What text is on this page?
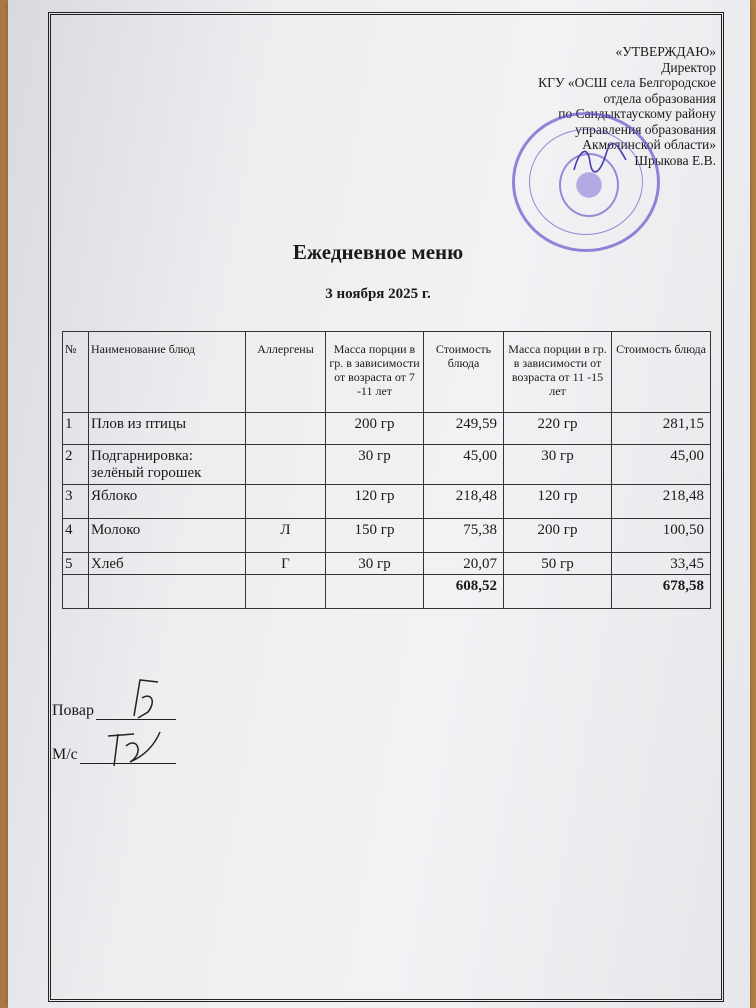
«УТВЕРЖДАЮ»
Директор
КГУ «ОСШ села Белгородское
отдела образования
по Сандыктаускому району
управления образования
Акмолинской области»
Шрыкова Е.В.
Ежедневное меню
3 ноября 2025 г.
№	Наименование блюд	Аллергены	Масса порции в гр. в зависимости от возраста от 7 -11 лет	Стоимость блюда	Масса порции в гр. в зависимости от возраста от 11 -15 лет	Стоимость блюда
1	Плов из птицы		200 гр	249,59	220 гр	281,15
2	Подгарнировка: зелёный горошек		30 гр	45,00	30 гр	45,00
3	Яблоко		120 гр	218,48	120 гр	218,48
4	Молоко	Л	150 гр	75,38	200 гр	100,50
5	Хлеб	Г	30 гр	20,07	50 гр	33,45
				608,52		678,58
Повар
М/с
